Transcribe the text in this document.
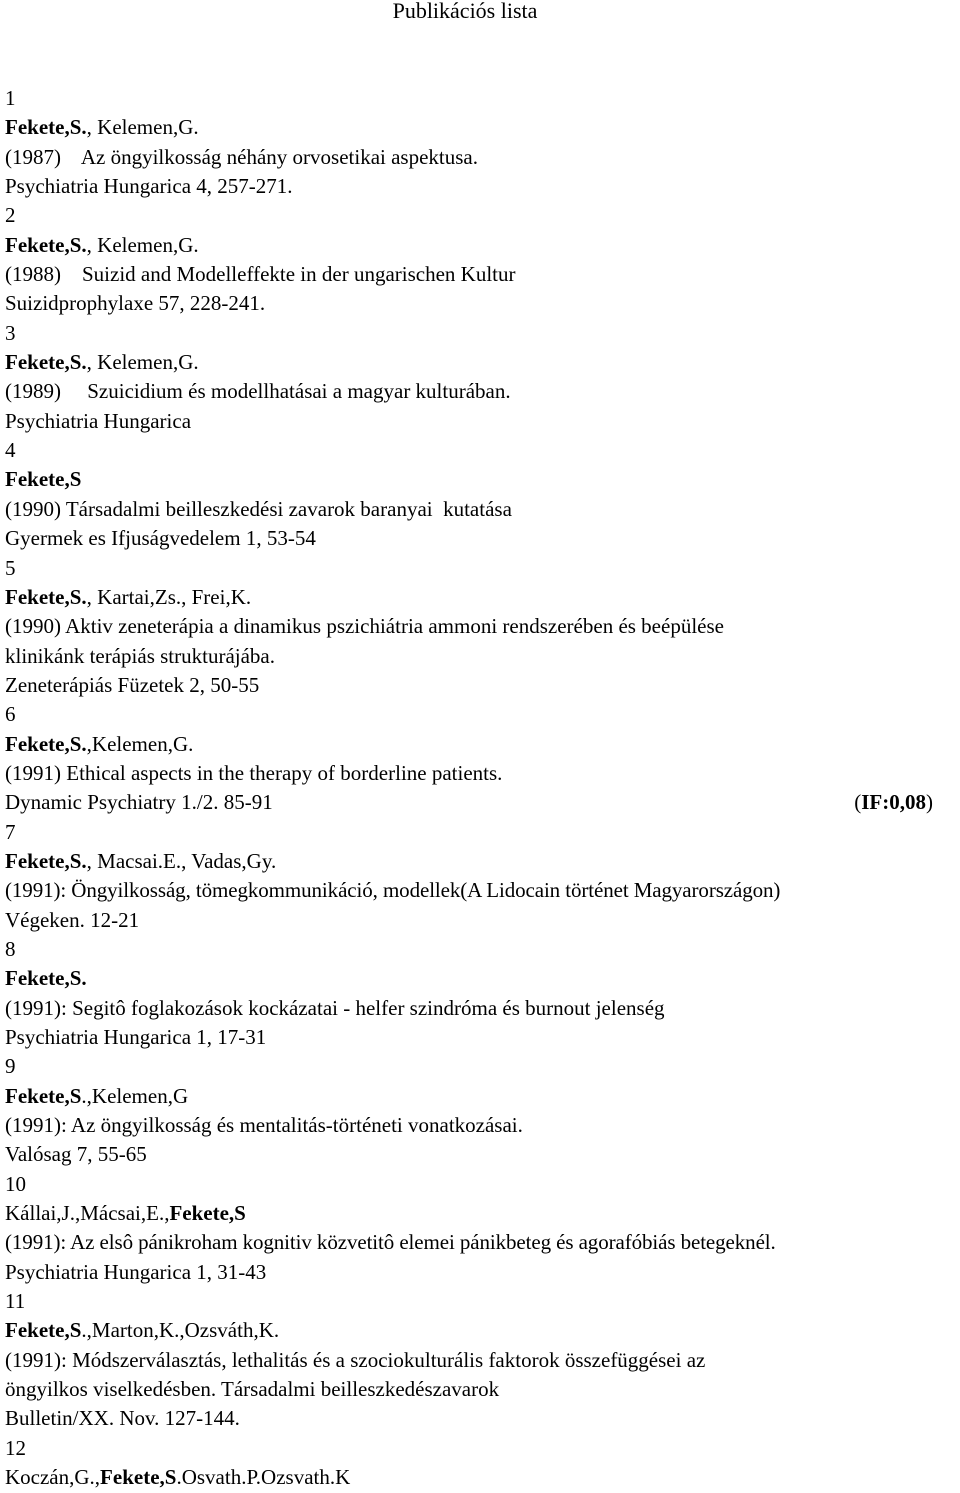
Publikációs lista
1
Fekete,S., Kelemen,G.
(1987)    Az öngyilkosság néhány orvosetikai aspektusa.
Psychiatria Hungarica 4, 257-271.
2
Fekete,S., Kelemen,G.
(1988)    Suizid and Modelleffekte in der ungarischen Kultur
Suizidprophylaxe 57, 228-241.
3
Fekete,S., Kelemen,G.
(1989)     Szuicidium és modellhatásai a magyar kulturában.
Psychiatria Hungarica
4
Fekete,S
(1990) Társadalmi beilleszkedési zavarok baranyai  kutatása
Gyermek es Ifjuságvedelem 1, 53-54
5
Fekete,S., Kartai,Zs., Frei,K.
(1990) Aktiv zeneterápia a dinamikus pszichiátria ammoni rendszerében és beépülése
klinikánk terápiás strukturájába.
Zeneterápiás Füzetek 2, 50-55
6
Fekete,S.,Kelemen,G.
(1991) Ethical aspects in the therapy of borderline patients.
Dynamic Psychiatry 1./2. 85-91	(IF:0,08)
7
Fekete,S., Macsai.E., Vadas,Gy.
(1991): Öngyilkosság, tömegkommunikáció, modellek(A Lidocain történet Magyarországon)
Végeken. 12-21
8
Fekete,S.
(1991): Segitô foglakozások kockázatai - helfer szindróma és burnout jelenség
Psychiatria Hungarica 1, 17-31
9
Fekete,S.,Kelemen,G
(1991): Az öngyilkosság és mentalitás-történeti vonatkozásai.
Valósag 7, 55-65
10
Kállai,J.,Mácsai,E.,Fekete,S
(1991): Az elsô pánikroham kognitiv közvetitô elemei pánikbeteg és agorafóbiás betegeknél.
Psychiatria Hungarica 1, 31-43
11
Fekete,S.,Marton,K.,Ozsváth,K.
(1991): Módszerválasztás, lethalitás és a szociokulturális faktorok összefüggései az
öngyilkos viselkedésben. Társadalmi beilleszkedészavarok
Bulletin/XX. Nov. 127-144.
12
Koczán,G.,Fekete,S.Osvath.P.Ozsvath.K
